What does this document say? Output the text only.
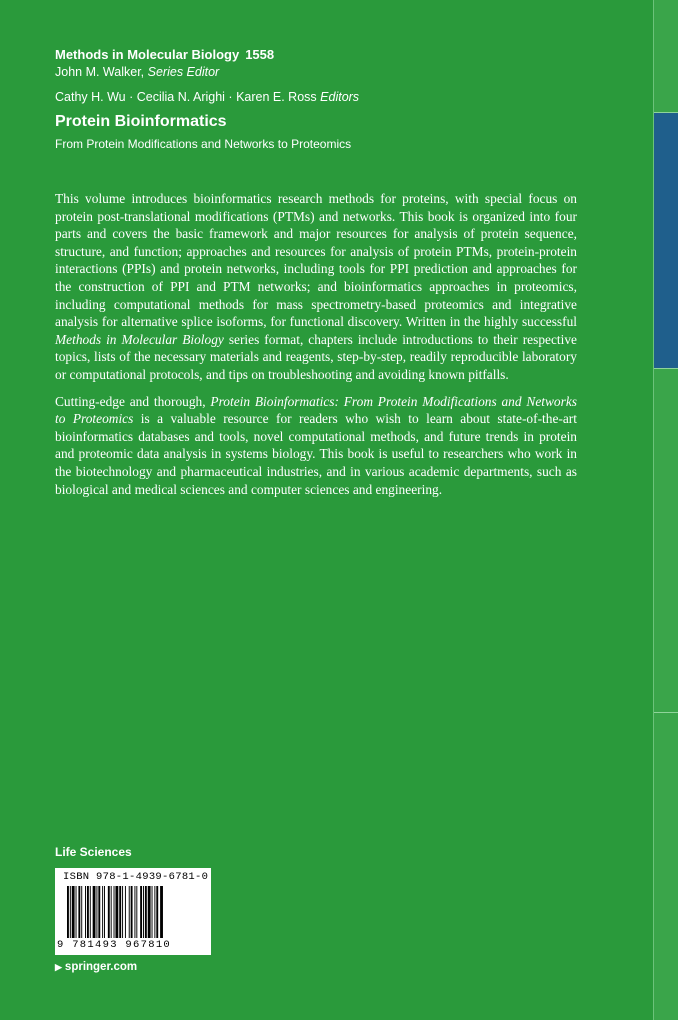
Methods in Molecular Biology 1558
John M. Walker, Series Editor
Cathy H. Wu · Cecilia N. Arighi · Karen E. Ross Editors
Protein Bioinformatics
From Protein Modifications and Networks to Proteomics

This volume introduces bioinformatics research methods for proteins, with special focus on protein post-translational modifications (PTMs) and networks. This book is organized into four parts and covers the basic framework and major resources for analysis of protein sequence, structure, and function; approaches and resources for analysis of protein PTMs, protein-protein interactions (PPIs) and protein networks, including tools for PPI prediction and approaches for the construction of PPI and PTM networks; and bioinformatics approaches in proteomics, including computational methods for mass spectrometry-based proteomics and integrative analysis for alternative splice isoforms, for functional discovery. Written in the highly successful Methods in Molecular Biology series format, chapters include introductions to their respective topics, lists of the necessary materials and reagents, step-by-step, readily reproducible laboratory or computational protocols, and tips on troubleshooting and avoiding known pitfalls.

Cutting-edge and thorough, Protein Bioinformatics: From Protein Modifications and Networks to Proteomics is a valuable resource for readers who wish to learn about state-of-the-art bioinformatics databases and tools, novel computational methods, and future trends in protein and proteomic data analysis in systems biology. This book is useful to researchers who work in the biotechnology and pharmaceutical industries, and in various academic departments, such as biological and medical sciences and computer sciences and engineering.

Life Sciences
ISBN 978-1-4939-6781-0
9 781493 967810
▶ springer.com
